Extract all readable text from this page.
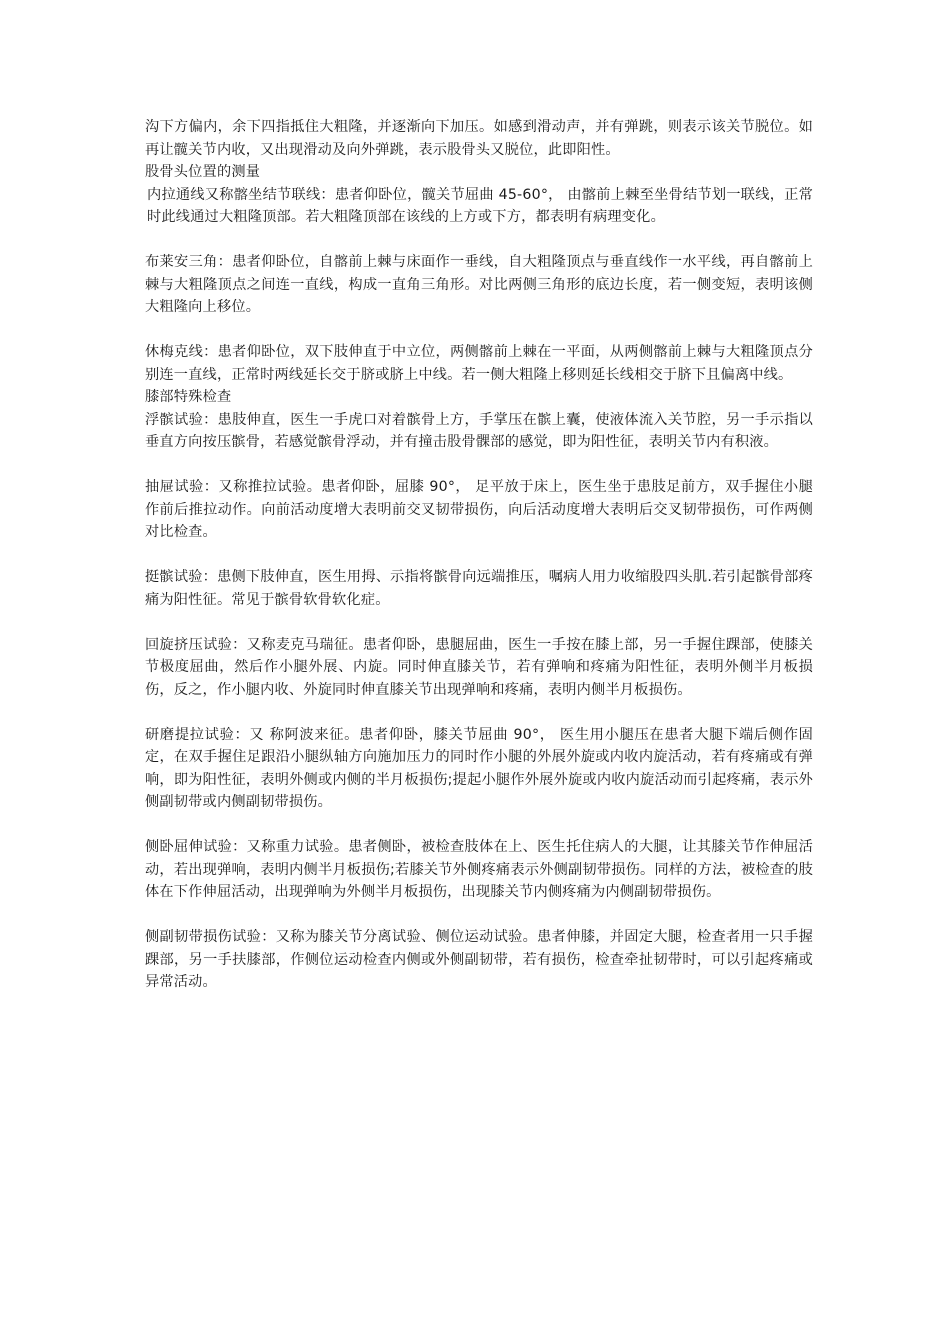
沟下方偏内，余下四指抵住大粗隆，并逐渐向下加压。如感到滑动声，并有弹跳，则表示该关节脱位。如再让髋关节内收，又出现滑动及向外弹跳，表示股骨头又脱位，此即阳性。

股骨头位置的测量

内拉通线又称髂坐结节联线：患者仰卧位，髋关节屈曲 45-60°， 由髂前上棘至坐骨结节划一联线，正常时此线通过大粗隆顶部。若大粗隆顶部在该线的上方或下方，都表明有病理变化。

布莱安三角：患者仰卧位，自髂前上棘与床面作一垂线，自大粗隆顶点与垂直线作一水平线，再自髂前上棘与大粗隆顶点之间连一直线，构成一直角三角形。对比两侧三角形的底边长度，若一侧变短，表明该侧大粗隆向上移位。

休梅克线：患者仰卧位，双下肢伸直于中立位，两侧髂前上棘在一平面，从两侧髂前上棘与大粗隆顶点分别连一直线，正常时两线延长交于脐或脐上中线。若一侧大粗隆上移则延长线相交于脐下且偏离中线。

膝部特殊检查

浮髌试验：患肢伸直，医生一手虎口对着髌骨上方，手掌压在髌上囊，使液体流入关节腔，另一手示指以垂直方向按压髌骨，若感觉髌骨浮动，并有撞击股骨髁部的感觉，即为阳性征，表明关节内有积液。

抽屉试验：又称推拉试验。患者仰卧，屈膝 90°， 足平放于床上，医生坐于患肢足前方，双手握住小腿作前后推拉动作。向前活动度增大表明前交叉韧带损伤，向后活动度增大表明后交叉韧带损伤，可作两侧对比检查。

挺髌试验：患侧下肢伸直，医生用拇、示指将髌骨向远端推压，嘱病人用力收缩股四头肌.若引起髌骨部疼痛为阳性征。常见于髌骨软骨软化症。

回旋挤压试验：又称麦克马瑞征。患者仰卧，患腿屈曲，医生一手按在膝上部，另一手握住踝部，使膝关节极度屈曲，然后作小腿外展、内旋。同时伸直膝关节，若有弹响和疼痛为阳性征，表明外侧半月板损伤，反之，作小腿内收、外旋同时伸直膝关节出现弹响和疼痛，表明内侧半月板损伤。

研磨提拉试验：又 称阿波来征。患者仰卧，膝关节屈曲 90°， 医生用小腿压在患者大腿下端后侧作固定，在双手握住足跟沿小腿纵轴方向施加压力的同时作小腿的外展外旋或内收内旋活动，若有疼痛或有弹响，即为阳性征，表明外侧或内侧的半月板损伤;提起小腿作外展外旋或内收内旋活动而引起疼痛，表示外侧副韧带或内侧副韧带损伤。

侧卧屈伸试验：又称重力试验。患者侧卧，被检查肢体在上、医生托住病人的大腿，让其膝关节作伸屈活动，若出现弹响，表明内侧半月板损伤;若膝关节外侧疼痛表示外侧副韧带损伤。同样的方法，被检查的肢体在下作伸屈活动，出现弹响为外侧半月板损伤，出现膝关节内侧疼痛为内侧副韧带损伤。

侧副韧带损伤试验：又称为膝关节分离试验、侧位运动试验。患者伸膝，并固定大腿，检查者用一只手握踝部，另一手扶膝部，作侧位运动检查内侧或外侧副韧带，若有损伤，检查牵扯韧带时，可以引起疼痛或异常活动。
